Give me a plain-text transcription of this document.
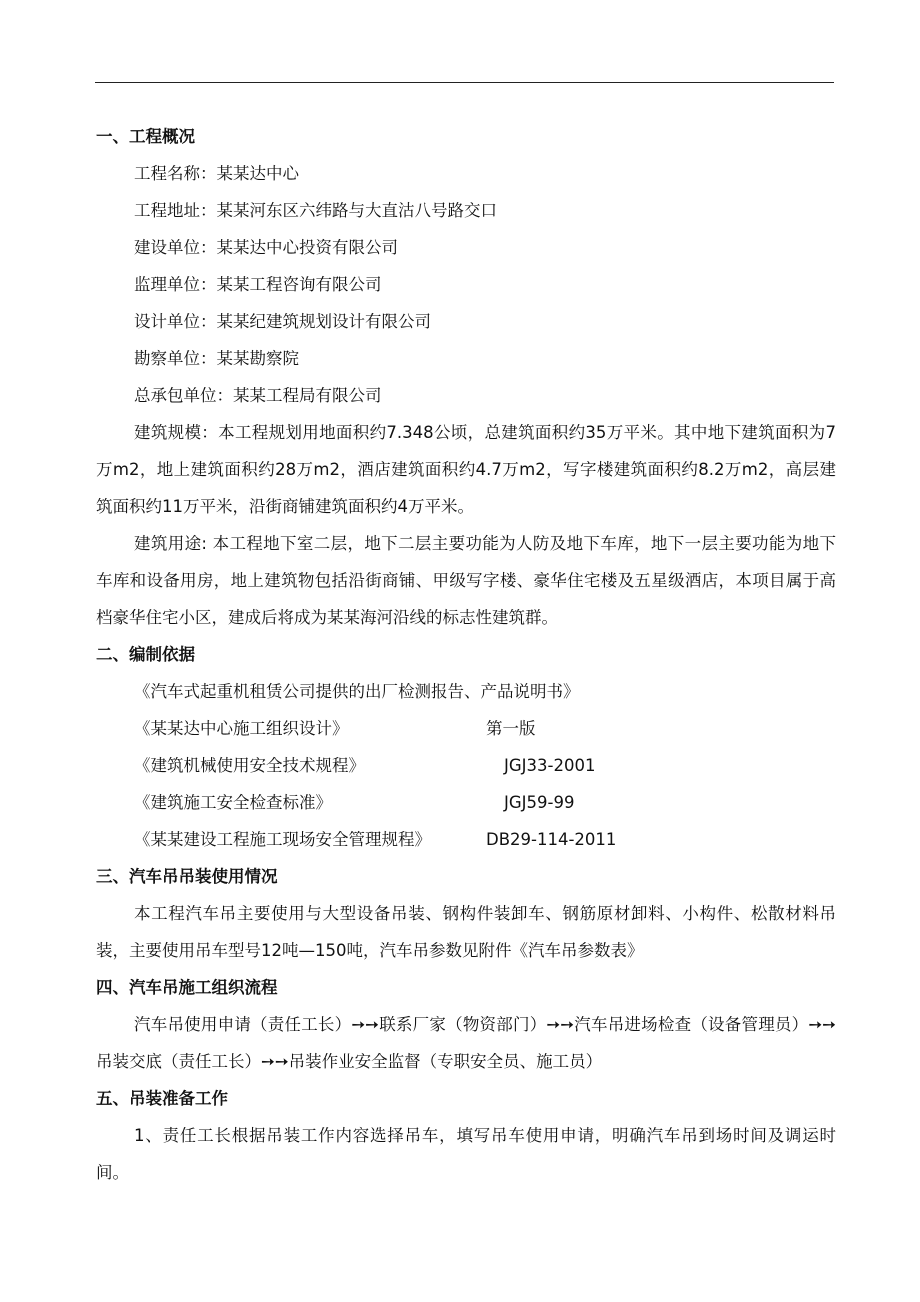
一、工程概况
工程名称：某某达中心
工程地址：某某河东区六纬路与大直沽八号路交口
建设单位：某某达中心投资有限公司
监理单位：某某工程咨询有限公司
设计单位：某某纪建筑规划设计有限公司
勘察单位：某某勘察院
总承包单位：某某工程局有限公司
建筑规模：本工程规划用地面积约7.348公顷，总建筑面积约35万平米。其中地下建筑面积为7万m2，地上建筑面积约28万m2，酒店建筑面积约4.7万m2，写字楼建筑面积约8.2万m2，高层建筑面积约11万平米，沿街商铺建筑面积约4万平米。
建筑用途: 本工程地下室二层，地下二层主要功能为人防及地下车库，地下一层主要功能为地下车库和设备用房，地上建筑物包括沿街商铺、甲级写字楼、豪华住宅楼及五星级酒店，本项目属于高档豪华住宅小区，建成后将成为某某海河沿线的标志性建筑群。
二、编制依据
《汽车式起重机租赁公司提供的出厂检测报告、产品说明书》
《某某达中心施工组织设计》	第一版
《建筑机械使用安全技术规程》	JGJ33-2001
《建筑施工安全检查标准》	JGJ59-99
《某某建设工程施工现场安全管理规程》	DB29-114-2011
三、汽车吊吊装使用情况
本工程汽车吊主要使用与大型设备吊装、钢构件装卸车、钢筋原材卸料、小构件、松散材料吊装，主要使用吊车型号12吨—150吨，汽车吊参数见附件《汽车吊参数表》
四、汽车吊施工组织流程
汽车吊使用申请（责任工长）➙➙联系厂家（物资部门）➙➙汽车吊进场检查（设备管理员）➙➙吊装交底（责任工长）➙➙吊装作业安全监督（专职安全员、施工员）
五、吊装准备工作
1、责任工长根据吊装工作内容选择吊车，填写吊车使用申请，明确汽车吊到场时间及调运时间。
